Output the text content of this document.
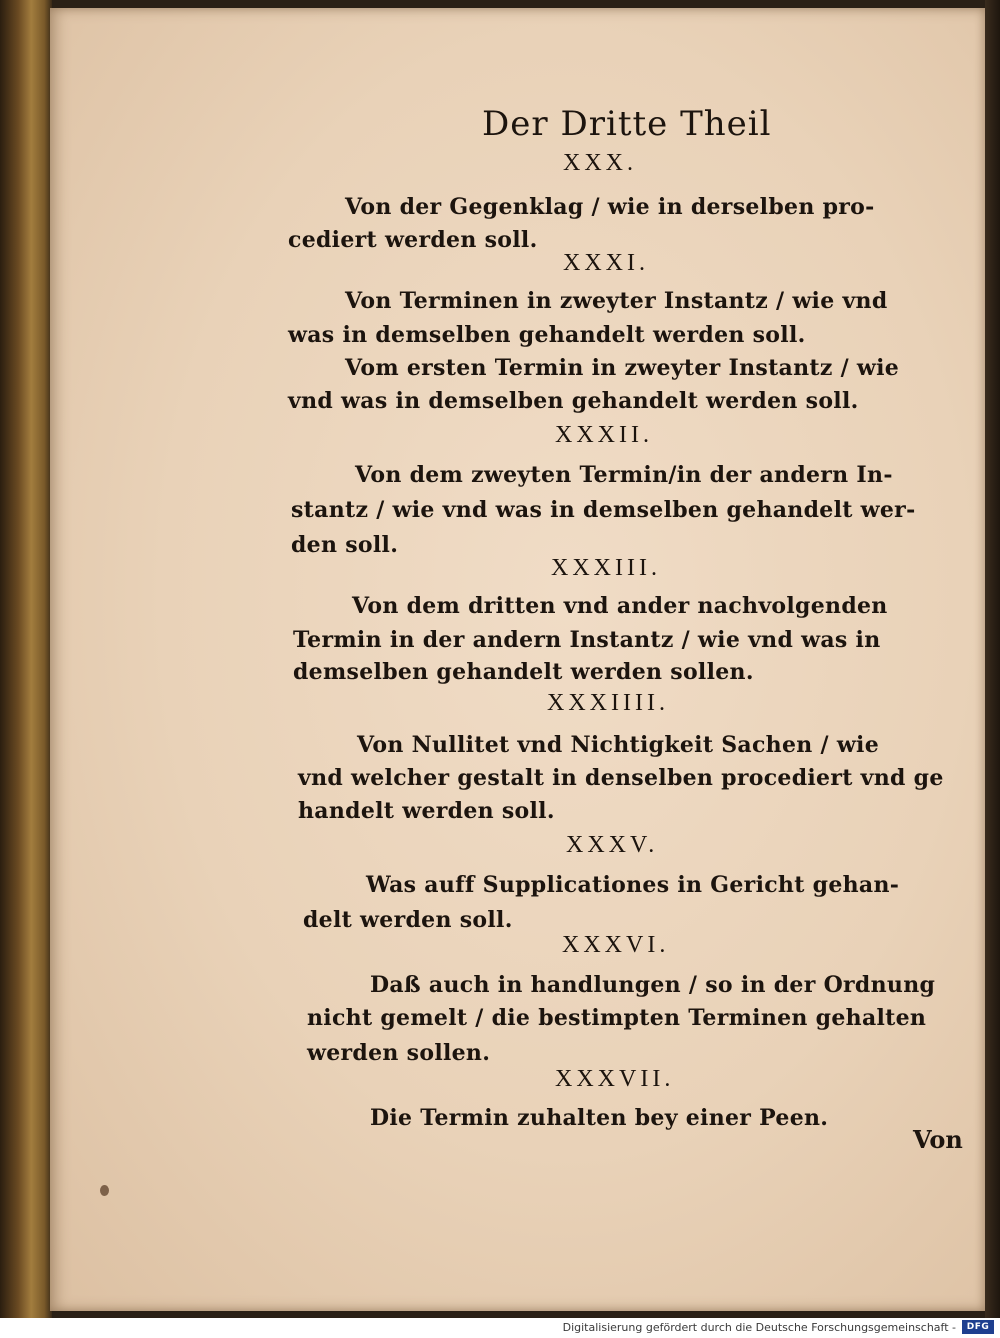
Der Dritte Theil
XXX.
Von der Gegenklag / wie in derselben pro-
cediert werden soll.
XXXI.
Von Terminen in zweyter Instantz / wie vnd
was in demselben gehandelt werden soll.
Vom ersten Termin in zweyter Instantz / wie
vnd was in demselben gehandelt werden soll.
XXXII.
Von dem zweyten Termin/in der andern In-
stantz / wie vnd was in demselben gehandelt wer-
den soll.
XXXIII.
Von dem dritten vnd ander nachvolgenden
Termin in der andern Instantz / wie vnd was in
demselben gehandelt werden sollen.
XXXIIII.
Von Nullitet vnd Nichtigkeit Sachen / wie
vnd welcher gestalt in denselben procediert vnd ge
handelt werden soll.
XXXV.
Was auff Supplicationes in Gericht gehan-
delt werden soll.
XXXVI.
Daß auch in handlungen / so in der Ordnung
nicht gemelt / die bestimpten Terminen gehalten
werden sollen.
XXXVII.
Die Termin zuhalten bey einer Peen.
Von
Digitalisierung gefördert durch die Deutsche Forschungsgemeinschaft -	DFG
